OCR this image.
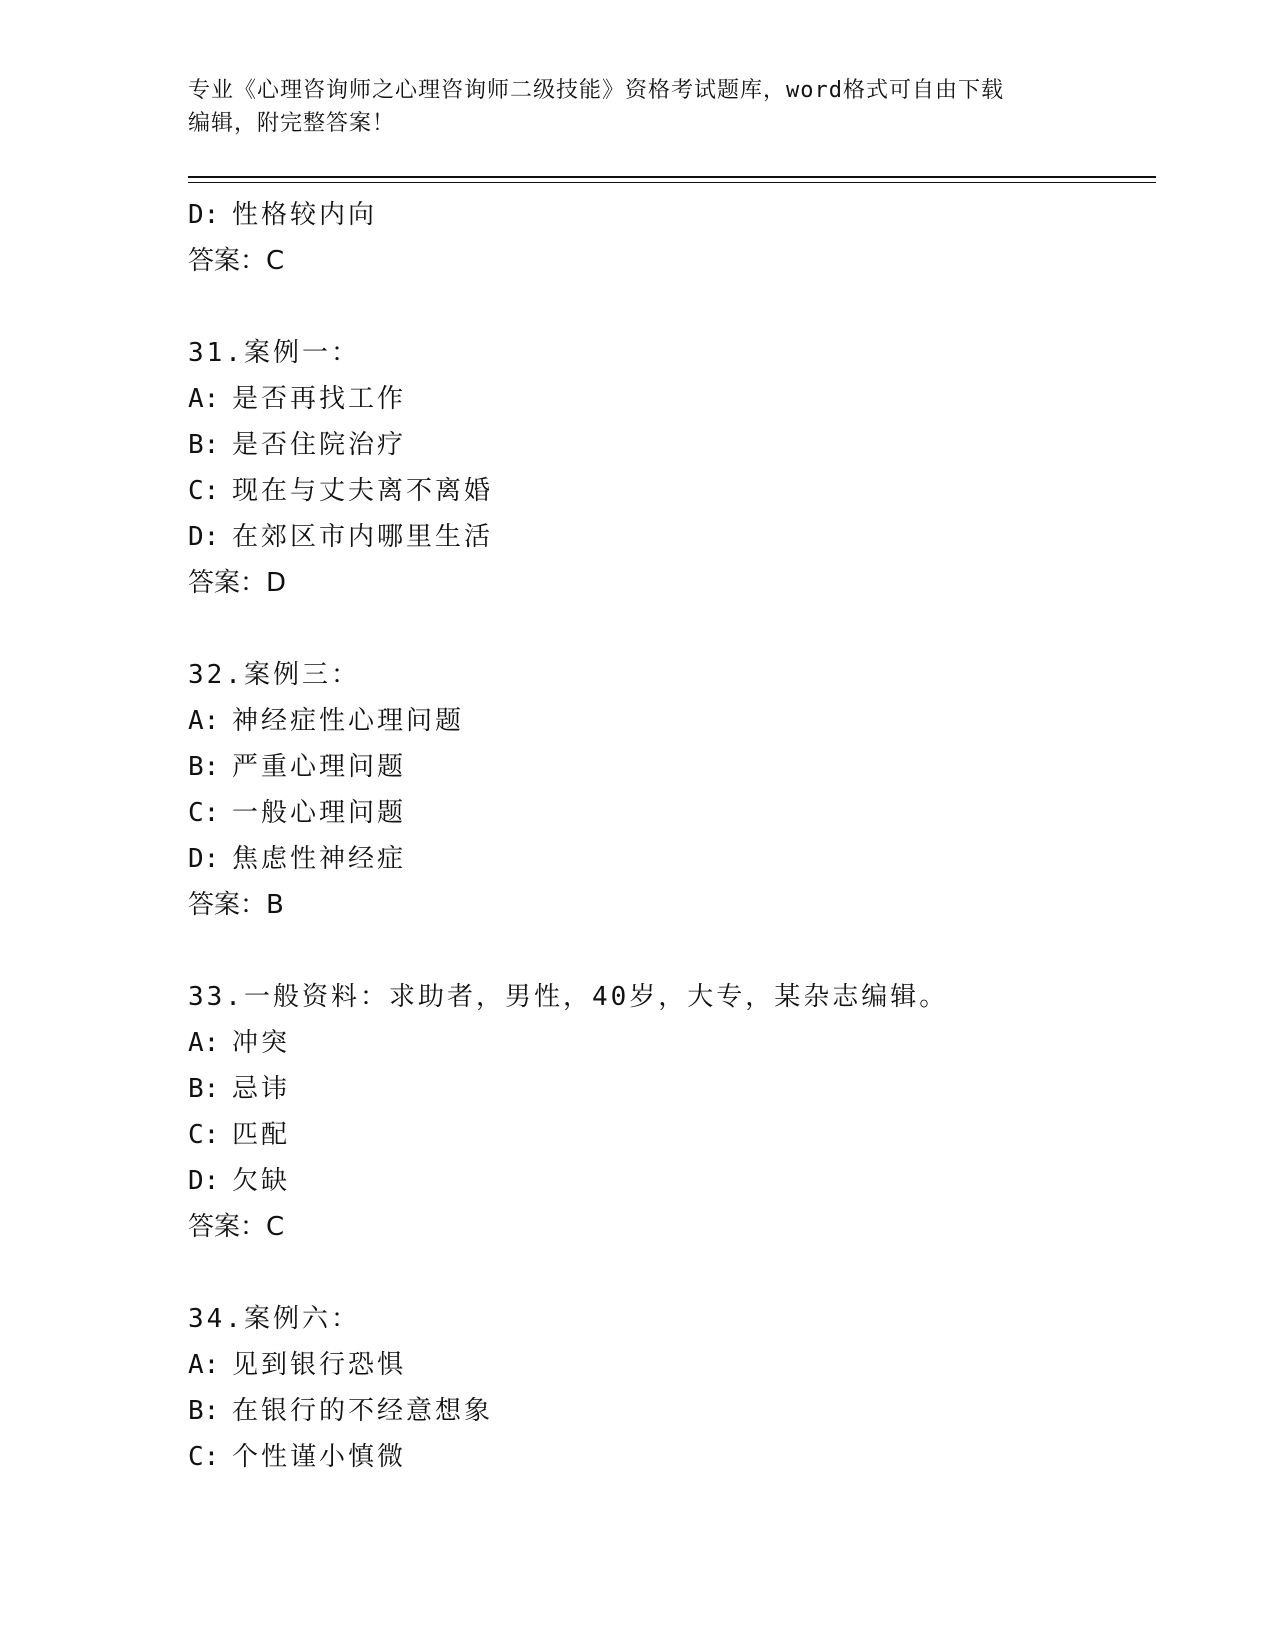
专业《心理咨询师之心理咨询师二级技能》资格考试题库，word格式可自由下载
编辑，附完整答案！
D: 性格较内向
答案：C
31.案例一：
A: 是否再找工作
B: 是否住院治疗
C: 现在与丈夫离不离婚
D: 在郊区市内哪里生活
答案：D
32.案例三：
A: 神经症性心理问题
B: 严重心理问题
C: 一般心理问题
D: 焦虑性神经症
答案：B
33.一般资料：求助者，男性，40岁，大专，某杂志编辑。
A: 冲突
B: 忌讳
C: 匹配
D: 欠缺
答案：C
34.案例六：
A: 见到银行恐惧
B: 在银行的不经意想象
C: 个性谨小慎微
